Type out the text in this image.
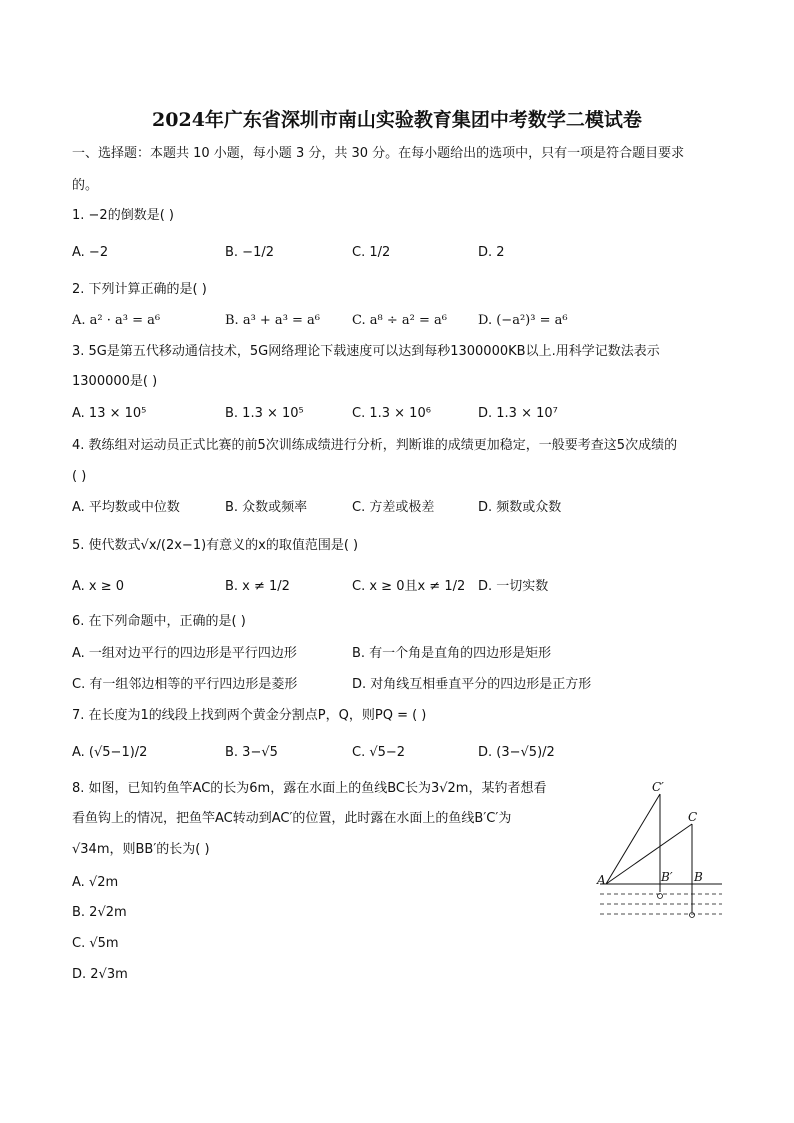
2024年广东省深圳市南山实验教育集团中考数学二模试卷
一、选择题：本题共 10 小题，每小题 3 分，共 30 分。在每小题给出的选项中，只有一项是符合题目要求
的。
1. −2的倒数是( )
A. −2	B. −1/2	C. 1/2	D. 2
2. 下列计算正确的是( )
A. a² · a³ = a⁶	B. a³ + a³ = a⁶ C. a⁸ ÷ a² = a⁶ D. (−a²)³ = a⁶
3. 5G是第五代移动通信技术，5G网络理论下载速度可以达到每秒1300000KB以上.用科学记数法表示
1300000是( )
A. 13 × 10⁵	B. 1.3 × 10⁵	C. 1.3 × 10⁶	D. 1.3 × 10⁷
4. 教练组对运动员正式比赛的前5次训练成绩进行分析，判断谁的成绩更加稳定，一般要考查这5次成绩的
( )
A. 平均数或中位数	B. 众数或频率	C. 方差或极差	D. 频数或众数
5. 使代数式√x/(2x−1)有意义的x的取值范围是( )
A. x ≥ 0	B. x ≠ 1/2	C. x ≥ 0且x ≠ 1/2 D. 一切实数
6. 在下列命题中，正确的是( )
A. 一组对边平行的四边形是平行四边形	B. 有一个角是直角的四边形是矩形
C. 有一组邻边相等的平行四边形是菱形	D. 对角线互相垂直平分的四边形是正方形
7. 在长度为1的线段上找到两个黄金分割点P，Q，则PQ = ( )
A. (√5−1)/2	B. 3−√5	C. √5−2	D. (3−√5)/2
8. 如图，已知钓鱼竿AC的长为6m，露在水面上的鱼线BC长为3√2m，某钓者想看
看鱼钩上的情况，把鱼竿AC转动到AC′的位置，此时露在水面上的鱼线B′C′为
√34m，则BB′的长为( )
A. √2m
B. 2√2m
C. √5m
D. 2√3m
C′
C
A	B′ B
